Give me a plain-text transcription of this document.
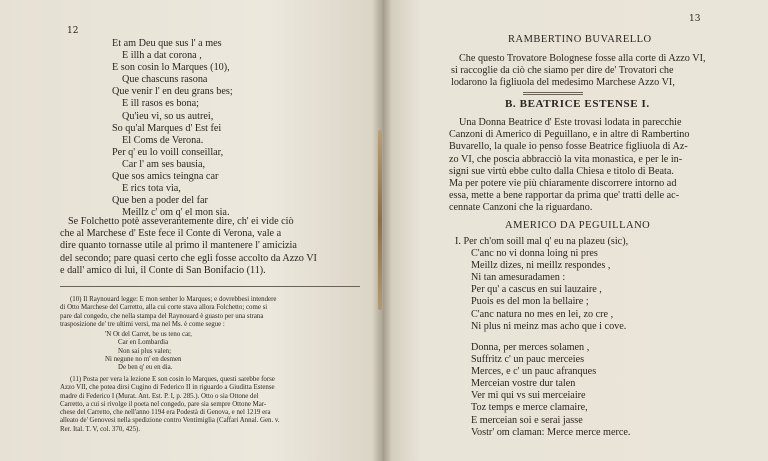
12
Et am Deu que sus l' a mes
E illh a dat corona ,
E son cosin lo Marques (10),
Que chascuns rasona
Que venir l' en deu grans bes;
E ill rasos es bona;
Qu'ieu vi, so us autrei,
So qu'al Marques d' Est fei
El Coms de Verona.
Per q' eu lo voill conseillar,
Car l' am ses bausia,
Que sos amics teingna car
E rics tota via,
Que ben a poder del far
Meillz c' om q' el mon sia.
Se Folchetto potè asseverantemente dire, ch' ei vide ciò
che al Marchese d' Este fece il Conte di Verona, vale a
dire quanto tornasse utile al primo il mantenere l' amicizia
del secondo; pare quasi certo che egli fosse accolto da Azzo VI
e dall' amico di lui, il Conte di San Bonifacio (11).
(10) Il Raynouard legge: E mon senher lo Marques; e dovrebbesi intendere
di Otto Marchese del Carretto, alla cui corte stava allora Folchetto; come si
pare dal congedo, che nella stampa del Raynouard è guasto per una strana
trasposizione de' tre ultimi versi, ma nel Ms. è come segue :
'N Ot del Carret, be us teno car,
Car en Lombardia
Non sai plus valen;
Ni negune no m' en desmen
De ben q' eu en dia.
(11) Posta per vera la lezione E son cosin lo Marques, questi sarebbe forse
Azzo VII, che potea dirsi Cugino di Federico II in riguardo a Giuditta Estense
madre di Federico I (Murat. Ant. Est. P. I, p. 285.). Otto o sia Ottone del
Carretto, a cui si rivolge il poeta nel congedo, pare sia sempre Ottone Mar-
chese del Carretto, che nell'anno 1194 era Podestà di Genova, e nel 1219 era
alleato de' Genovesi nella spedizione contro Ventimiglia (Caffari Annal. Gen. v.
Rer. Ital. T. V, col. 370, 425).
13
RAMBERTINO BUVARELLO
Che questo Trovatore Bolognese fosse alla corte di Azzo VI,
si raccoglie da ciò che siamo per dire de' Trovatori che
lodarono la figliuola del medesimo Marchese Azzo VI,
B. BEATRICE ESTENSE I.
Una Donna Beatrice d' Este trovasi lodata in parecchie
Canzoni di Americo di Peguillano, e in altre di Rambertino
Buvarello, la quale io penso fosse Beatrice figliuola di Az-
zo VI, che poscia abbracciò la vita monastica, e per le in-
signi sue virtù ebbe culto dalla Chiesa e titolo di Beata.
Ma per potere vie più chiaramente discorrere intorno ad
essa, mette a bene rapportar da prima que' tratti delle ac-
cennate Canzoni che la riguardano.
AMERICO DA PEGUILLANO
I. Per ch'om soill mal q' eu na plazeu (sic),
C'anc no vi donna loing ni pres
Meillz dizes, ni meillz respondes ,
Ni tan amesuradamen :
Per qu' a cascus en sui lauzaire ,
Puois es del mon la bellaire ;
C'anc natura no mes en lei, zo cre ,
Ni plus ni meinz mas acho que i cove.
Donna, per merces solamen ,
Suffritz c' un pauc merceies
Merces, e c' un pauc afranques
Merceian vostre dur talen
Ver mi qui vs sui merceiaire
Toz temps e merce clamaire,
E merceian soi e serai jasse
Vostr' om claman: Merce merce merce.
